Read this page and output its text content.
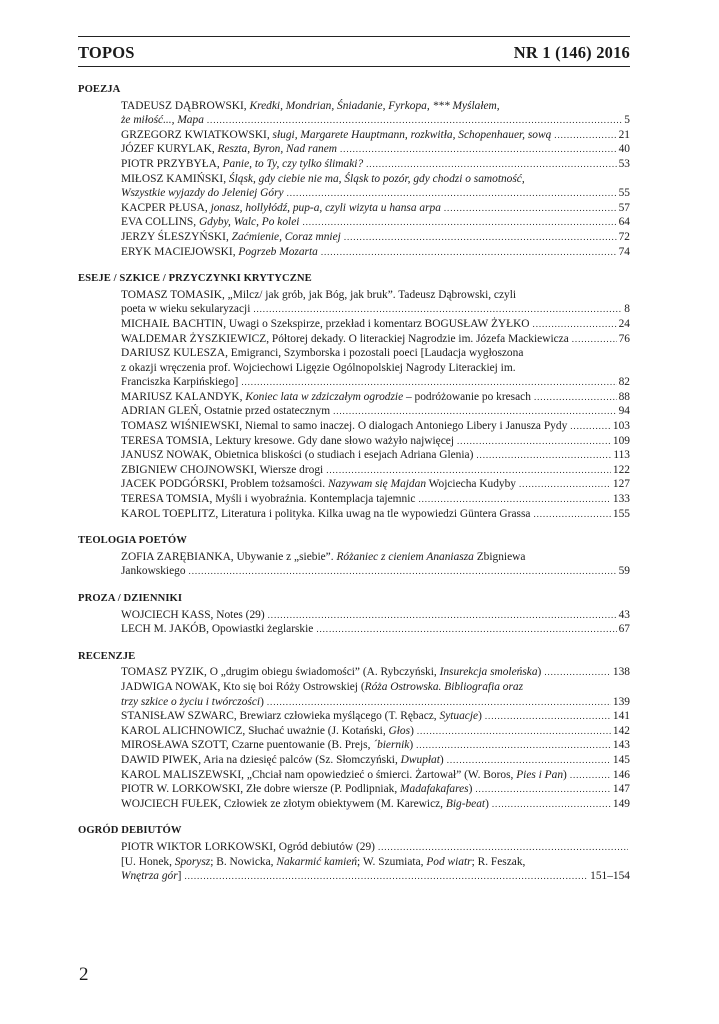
TOPOS	NR 1 (146) 2016
POEZJA
TADEUSZ DĄBROWSKI, Kredki, Mondrian, Śniadanie, Fyrkopa, *** Myślałem,
że miłość..., Mapa .....	5
GRZEGORZ KWIATKOWSKI, sługi, Margarete Hauptmann, rozkwitła, Schopenhauer, sową .....	21
JÓZEF KURYLAK, Reszta, Byron, Nad ranem .....	40
PIOTR PRZYBYŁA, Panie, to Ty, czy tylko ślimaki? .....	53
MIŁOSZ KAMIŃSKI, Śląsk, gdy ciebie nie ma, Śląsk to pozór, gdy chodzi o samotność,
Wszystkie wyjazdy do Jeleniej Góry .....	55
KACPER PŁUSA, jonasz, hollyłódź, pup-a, czyli wizyta u hansa arpa .....	57
EVA COLLINS, Gdyby, Walc, Po kolei .....	64
JERZY ŚLESZYŃSKI, Zaćmienie, Coraz mniej .....	72
ERYK MACIEJOWSKI, Pogrzeb Mozarta .....	74
ESEJE / SZKICE / PRZYCZYNKI KRYTYCZNE
TOMASZ TOMASIK, „Milcz/ jak grób, jak Bóg, jak bruk”. Tadeusz Dąbrowski, czyli
poeta w wieku sekularyzacji .....	8
MICHAIŁ BACHTIN, Uwagi o Szekspirze, przekład i komentarz BOGUSŁAW ŻYŁKO .....	24
WALDEMAR ŻYSZKIEWICZ, Półtorej dekady. O literackiej Nagrodzie im. Józefa Mackiewicza .....	76
DARIUSZ KULESZA, Emigranci, Szymborska i pozostali poeci [Laudacja wygłoszona
z okazji wręczenia prof. Wojciechowi Ligęzie Ogólnopolskiej Nagrody Literackiej im.
Franciszka Karpińskiego] .....	82
MARIUSZ KALANDYK, Koniec lata w zdziczałym ogrodzie – podróżowanie po kresach .....	88
ADRIAN GLEŃ, Ostatnie przed ostatecznym .....	94
TOMASZ WIŚNIEWSKI, Niemal to samo inaczej. O dialogach Antoniego Libery i Janusza Pydy .....	103
TERESA TOMSIA, Lektury kresowe. Gdy dane słowo ważyło najwięcej .....	109
JANUSZ NOWAK, Obietnica bliskości (o studiach i esejach Adriana Glenia) .....	113
ZBIGNIEW CHOJNOWSKI, Wiersze drogi .....	122
JACEK PODGÓRSKI, Problem tożsamości. Nazywam się Majdan Wojciecha Kudyby .....	127
TERESA TOMSIA, Myśli i wyobraźnia. Kontemplacja tajemnic .....	133
KAROL TOEPLITZ, Literatura i polityka. Kilka uwag na tle wypowiedzi Güntera Grassa .....	155
TEOLOGIA POETÓW
ZOFIA ZARĘBIANKA, Ubywanie z „siebie”. Różaniec z cieniem Ananiasza Zbigniewa
Jankowskiego .....	59
PROZA / DZIENNIKI
WOJCIECH KASS, Notes (29) .....	43
LECH M. JAKÓB, Opowiastki żeglarskie .....	67
RECENZJE
TOMASZ PYZIK, O „drugim obiegu świadomości” (A. Rybczyński, Insurekcja smoleńska) .....	138
JADWIGA NOWAK, Kto się boi Róży Ostrowskiej (Róża Ostrowska. Bibliografia oraz
trzy szkice o życiu i twórczości) .....	139
STANISŁAW SZWARC, Brewiarz człowieka myślącego (T. Rębacz, Sytuacje) .....	141
KAROL ALICHNOWICZ, Słuchać uważnie (J. Kotański, Głos) .....	142
MIROSŁAWA SZOTT, Czarne puentowanie (B. Prejs, ´biernik) .....	143
DAWID PIWEK, Aria na dziesięć palców (Sz. Słomczyński, Dwupłat) .....	145
KAROL MALISZEWSKI, „Chciał nam opowiedzieć o śmierci. Żartował” (W. Boros, Pies i Pan) .....	146
PIOTR W. LORKOWSKI, Złe dobre wiersze (P. Podlipniak, Madafakafares) .....	147
WOJCIECH FUŁEK, Człowiek ze złotym obiektywem (M. Karewicz, Big-beat) .....	149
OGRÓD DEBIUTÓW
PIOTR WIKTOR LORKOWSKI, Ogród debiutów (29)
.....
[U. Honek, Sporysz; B. Nowicka, Nakarmić kamień; W. Szumiata, Pod wiatr; R. Feszak,
Wnętrza gór] .....	151–154
2
